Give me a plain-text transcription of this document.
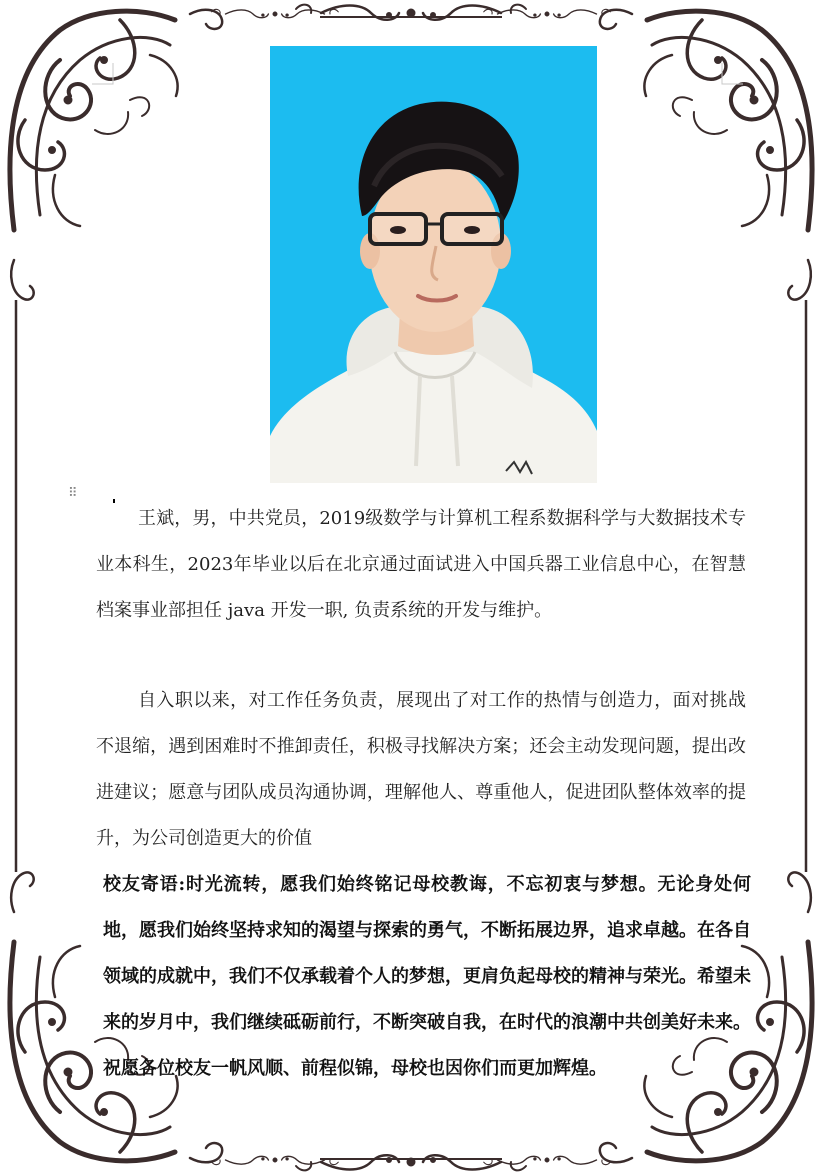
⠿

王斌，男，中共党员，2019级数学与计算机工程系数据科学与大数据技术专业本科生，2023年毕业以后在北京通过面试进入中国兵器工业信息中心，在智慧档案事业部担任 java 开发一职, 负责系统的开发与维护。

自入职以来，对工作任务负责，展现出了对工作的热情与创造力，面对挑战不退缩，遇到困难时不推卸责任，积极寻找解决方案；还会主动发现问题，提出改进建议；愿意与团队成员沟通协调，理解他人、尊重他人，促进团队整体效率的提升，为公司创造更大的价值

校友寄语:时光流转，愿我们始终铭记母校教诲，不忘初衷与梦想。无论身处何地，愿我们始终坚持求知的渴望与探索的勇气，不断拓展边界，追求卓越。在各自领域的成就中，我们不仅承载着个人的梦想，更肩负起母校的精神与荣光。希望未来的岁月中，我们继续砥砺前行，不断突破自我，在时代的浪潮中共创美好未来。祝愿各位校友一帆风顺、前程似锦，母校也因你们而更加辉煌。
